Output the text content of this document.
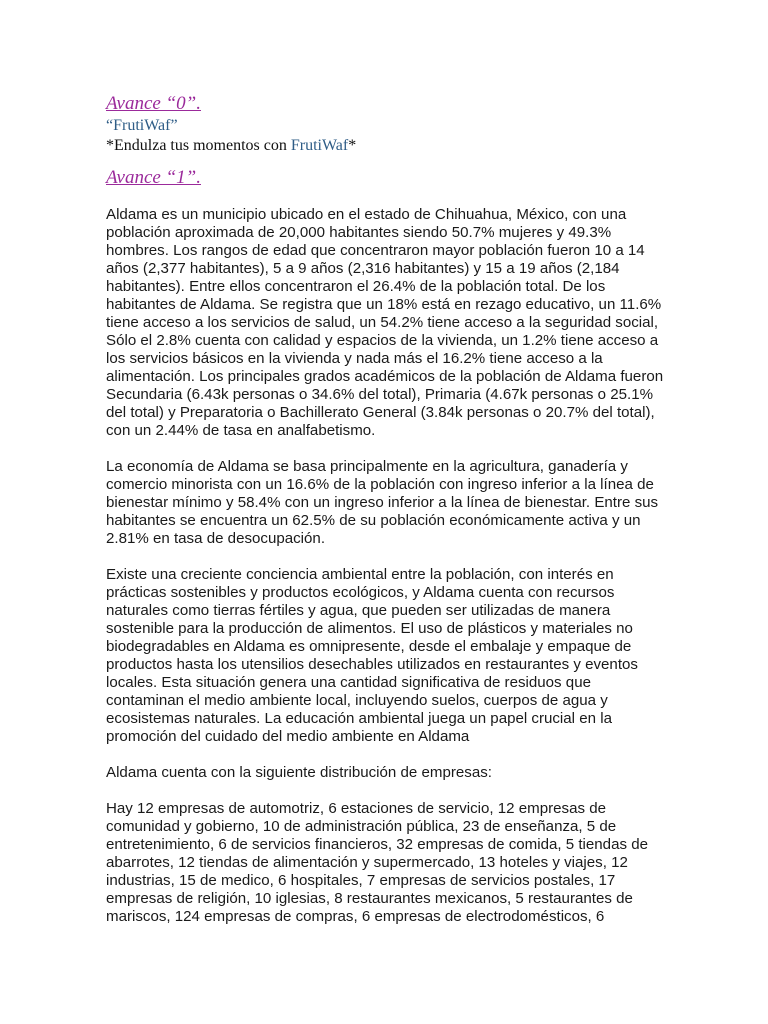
Avance “0”.

“FrutiWaf”

*Endulza tus momentos con FrutiWaf*

Avance “1”.

Aldama es un municipio ubicado en el estado de Chihuahua, México, con una población aproximada de 20,000 habitantes siendo 50.7% mujeres y 49.3% hombres. Los rangos de edad que concentraron mayor población fueron 10 a 14 años (2,377 habitantes), 5 a 9 años (2,316 habitantes) y 15 a 19 años (2,184 habitantes). Entre ellos concentraron el 26.4% de la población total. De los habitantes de Aldama. Se registra que un 18% está en rezago educativo, un 11.6% tiene acceso a los servicios de salud, un 54.2% tiene acceso a la seguridad social, Sólo el 2.8% cuenta con calidad y espacios de la vivienda, un 1.2% tiene acceso a los servicios básicos en la vivienda y nada más el 16.2% tiene acceso a la alimentación. Los principales grados académicos de la población de Aldama fueron Secundaria (6.43k personas o 34.6% del total), Primaria (4.67k personas o 25.1% del total) y Preparatoria o Bachillerato General (3.84k personas o 20.7% del total), con un 2.44% de tasa en analfabetismo.

La economía de Aldama se basa principalmente en la agricultura, ganadería y comercio minorista con un 16.6% de la población con ingreso inferior a la línea de bienestar mínimo y 58.4% con un ingreso inferior a la línea de bienestar. Entre sus habitantes se encuentra un 62.5% de su población económicamente activa y un 2.81% en tasa de desocupación.

Existe una creciente conciencia ambiental entre la población, con interés en prácticas sostenibles y productos ecológicos, y Aldama cuenta con recursos naturales como tierras fértiles y agua, que pueden ser utilizadas de manera sostenible para la producción de alimentos. El uso de plásticos y materiales no biodegradables en Aldama es omnipresente, desde el embalaje y empaque de productos hasta los utensilios desechables utilizados en restaurantes y eventos locales. Esta situación genera una cantidad significativa de residuos que contaminan el medio ambiente local, incluyendo suelos, cuerpos de agua y ecosistemas naturales. La educación ambiental juega un papel crucial en la promoción del cuidado del medio ambiente en Aldama

Aldama cuenta con la siguiente distribución de empresas:

Hay 12 empresas de automotriz, 6 estaciones de servicio, 12 empresas de comunidad y gobierno, 10 de administración pública, 23 de enseñanza, 5 de entretenimiento, 6 de servicios financieros, 32 empresas de comida, 5 tiendas de abarrotes, 12 tiendas de alimentación y supermercado, 13 hoteles y viajes, 12 industrias, 15 de medico, 6 hospitales, 7 empresas de servicios postales, 17 empresas de religión, 10 iglesias, 8 restaurantes mexicanos, 5 restaurantes de mariscos, 124 empresas de compras, 6 empresas de electrodomésticos, 6
